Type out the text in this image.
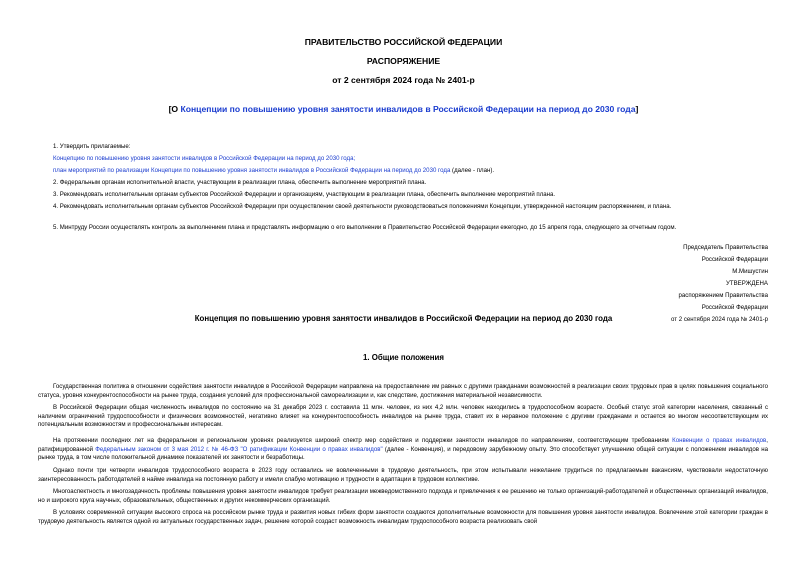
ПРАВИТЕЛЬСТВО РОССИЙСКОЙ ФЕДЕРАЦИИ
РАСПОРЯЖЕНИЕ
от 2 сентября 2024 года № 2401-р
[О Концепции по повышению уровня занятости инвалидов в Российской Федерации на период до 2030 года]
1. Утвердить прилагаемые:
Концепцию по повышению уровня занятости инвалидов в Российской Федерации на период до 2030 года;
план мероприятий по реализации Концепции по повышению уровня занятости инвалидов в Российской Федерации на период до 2030 года (далее - план).
2. Федеральным органам исполнительной власти, участвующим в реализации плана, обеспечить выполнение мероприятий плана.
3. Рекомендовать исполнительным органам субъектов Российской Федерации и организациям, участвующим в реализации плана, обеспечить выполнение мероприятий плана.
4. Рекомендовать исполнительным органам субъектов Российской Федерации при осуществлении своей деятельности руководствоваться положениями Концепции, утвержденной настоящим распоряжением, и плана.
5. Минтруду России осуществлять контроль за выполнением плана и представлять информацию о его выполнении в Правительство Российской Федерации ежегодно, до 15 апреля года, следующего за отчетным годом.
Председатель Правительства
Российской Федерации
М.Мишустин
УТВЕРЖДЕНА
распоряжением Правительства
Российской Федерации
от 2 сентября 2024 года № 2401-р
Концепция по повышению уровня занятости инвалидов в Российской Федерации на период до 2030 года
1. Общие положения
Государственная политика в отношении содействия занятости инвалидов в Российской Федерации направлена на предоставление им равных с другими гражданами возможностей в реализации своих трудовых прав в целях повышения социального статуса, уровня конкурентоспособности на рынке труда, создания условий для профессиональной самореализации и, как следствие, достижения материальной независимости.
В Российской Федерации общая численность инвалидов по состоянию на 31 декабря 2023 г. составила 11 млн. человек, из них 4,2 млн. человек находились в трудоспособном возрасте. Особый статус этой категории населения, связанный с наличием ограничений трудоспособности и физических возможностей, негативно влияет на конкурентоспособность инвалидов на рынке труда, ставит их в неравное положение с другими гражданами и остается во многом несоответствующим их потенциальным возможностям и профессиональным интересам.
На протяжении последних лет на федеральном и региональном уровнях реализуется широкий спектр мер содействия и поддержки занятости инвалидов по направлениям, соответствующим требованиям Конвенции о правах инвалидов, ратифицированной Федеральным законом от 3 мая 2012 г. № 46-ФЗ "О ратификации Конвенции о правах инвалидов" (далее - Конвенция), и передовому зарубежному опыту. Это способствует улучшению общей ситуации с положением инвалидов на рынке труда, в том числе положительной динамике показателей их занятости и безработицы.
Однако почти три четверти инвалидов трудоспособного возраста в 2023 году оставались не вовлеченными в трудовую деятельность, при этом испытывали нежелание трудиться по предлагаемым вакансиям, чувствовали недостаточную заинтересованность работодателей в найме инвалида на постоянную работу и имели слабую мотивацию и трудности в адаптации в трудовом коллективе.
Многоаспектность и многозадачность проблемы повышения уровня занятости инвалидов требует реализации межведомственного подхода и привлечения к ее решению не только организаций-работодателей и общественных организаций инвалидов, но и широкого круга научных, образовательных, общественных и других некоммерческих организаций.
В условиях современной ситуации высокого спроса на российском рынке труда и развития новых гибких форм занятости создаются дополнительные возможности для повышения уровня занятости инвалидов. Вовлечение этой категории граждан в трудовую деятельность является одной из актуальных государственных задач, решение которой создаст возможность инвалидам трудоспособного возраста реализовать свой
